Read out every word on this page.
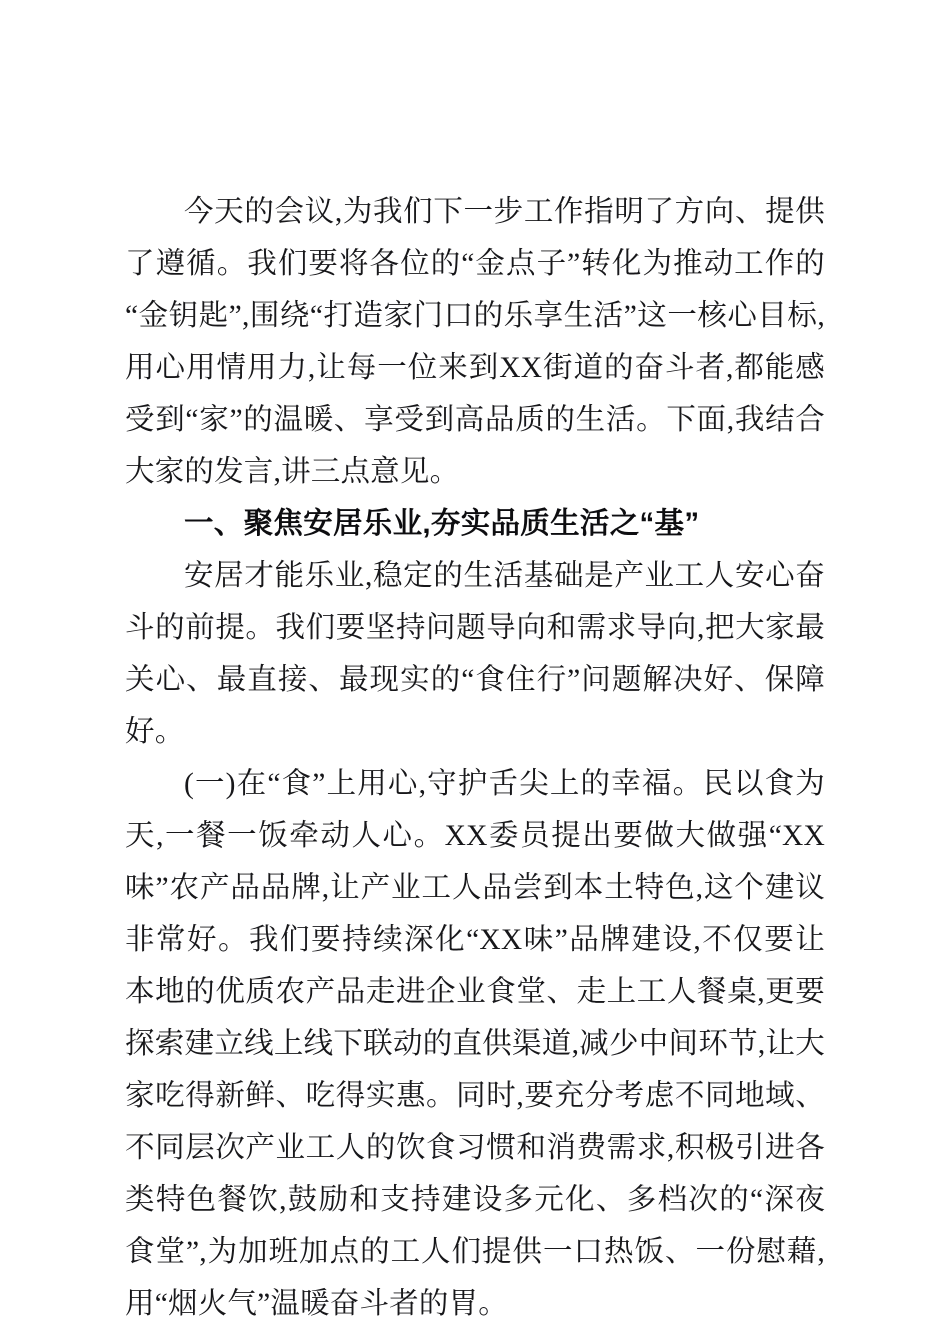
今天的会议,为我们下一步工作指明了方向、提供了遵循。我们要将各位的“金点子”转化为推动工作的“金钥匙”,围绕“打造家门口的乐享生活”这一核心目标,用心用情用力,让每一位来到XX街道的奋斗者,都能感受到“家”的温暖、享受到高品质的生活。下面,我结合大家的发言,讲三点意见。

一、聚焦安居乐业,夯实品质生活之“基”

安居才能乐业,稳定的生活基础是产业工人安心奋斗的前提。我们要坚持问题导向和需求导向,把大家最关心、最直接、最现实的“食住行”问题解决好、保障好。

(一)在“食”上用心,守护舌尖上的幸福。民以食为天,一餐一饭牵动人心。XX委员提出要做大做强“XX味”农产品品牌,让产业工人品尝到本土特色,这个建议非常好。我们要持续深化“XX味”品牌建设,不仅要让本地的优质农产品走进企业食堂、走上工人餐桌,更要探索建立线上线下联动的直供渠道,减少中间环节,让大家吃得新鲜、吃得实惠。同时,要充分考虑不同地域、不同层次产业工人的饮食习惯和消费需求,积极引进各类特色餐饮,鼓励和支持建设多元化、多档次的“深夜食堂”,为加班加点的工人们提供一口热饭、一份慰藉,用“烟火气”温暖奋斗者的胃。
